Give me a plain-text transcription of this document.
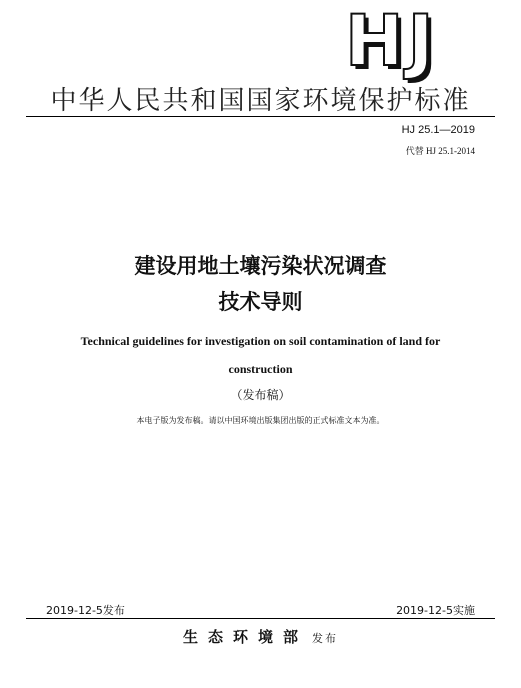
HJ
中华人民共和国国家环境保护标准
HJ 25.1—2019
代替 HJ 25.1-2014
建设用地土壤污染状况调查
技术导则
Technical guidelines for investigation on soil contamination of land for
construction
（发布稿）
本电子版为发布稿。请以中国环境出版集团出版的正式标准文本为准。
2019-12-5发布	2019-12-5实施
生态环境部 发布
